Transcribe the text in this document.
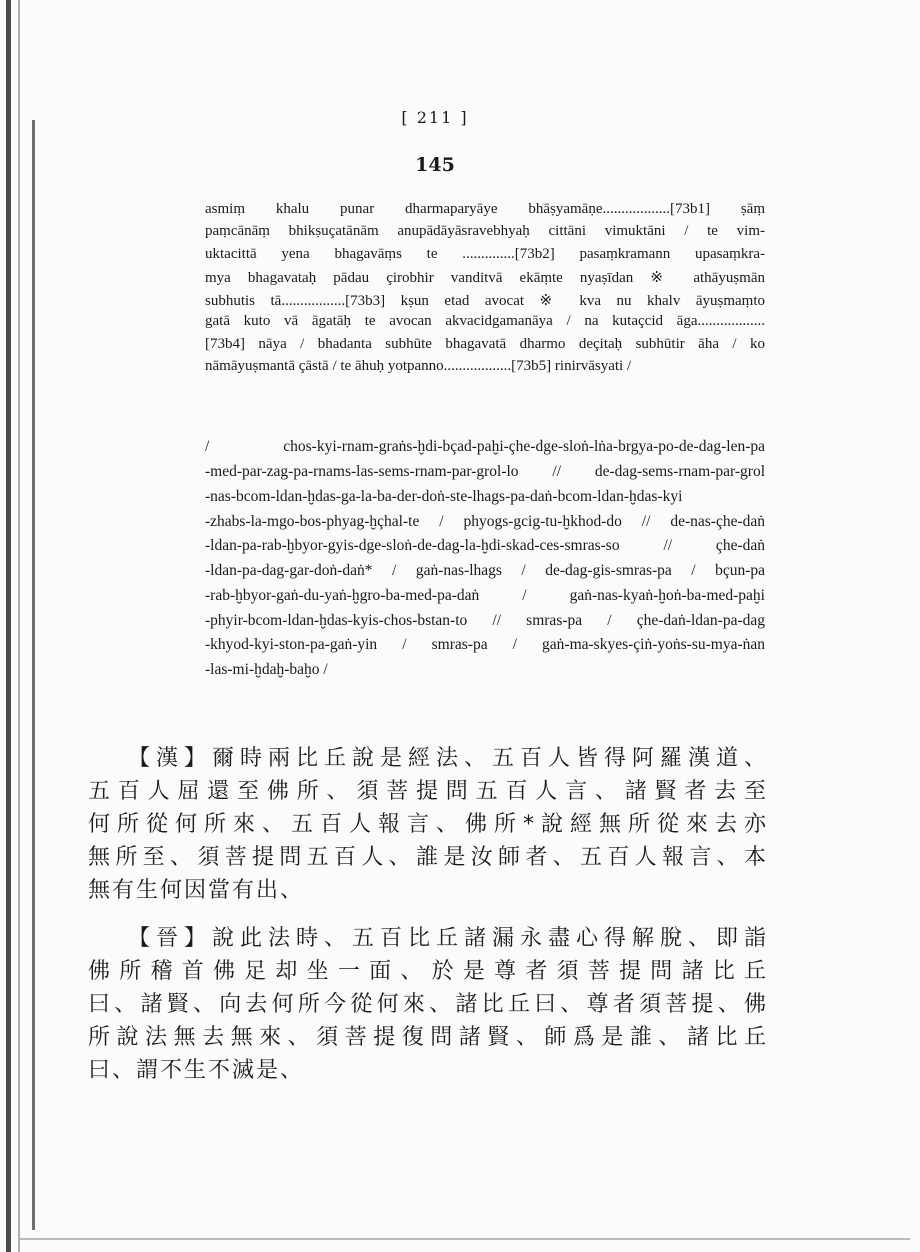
[ 211 ]
145
asmiṃ khalu punar dharmaparyāye bhāṣyamāṇe..................[73b1] ṣāṃ
paṃcānāṃ bhikṣuçatānām anupādāyāsravebhyaḥ cittāni vimuktāni / te vim-
uktacittā yena bhagavāṃs te ..............[73b2] pasaṃkramann upasaṃkra-
mya bhagavataḥ pādau çirobhir vanditvā ekāṃte nyaṣīdan ※ athāyuṣmān
subhutis tā.................[73b3] kṣun etad avocat ※ kva nu khalv āyuṣmaṃto
gatā kuto vā āgatāḥ te avocan akvacidgamanāya / na kutaçcid āga..................
[73b4] nāya / bhadanta subhūte bhagavatā dharmo deçitaḥ subhūtir āha / ko
nāmāyuṣmantā çāstā / te āhuḥ yotpanno..................[73b5] rinirvāsyati /
/ chos-kyi-rnam-graṅs-ḫdi-bçad-paḫi-çhe-dge-sloṅ-lṅa-brgya-po-de-dag-len-pa
-med-par-zag-pa-rnams-las-sems-rnam-par-grol-lo // de-dag-sems-rnam-par-grol
-nas-bcom-ldan-ḫdas-ga-la-ba-der-doṅ-ste-lhags-pa-daṅ-bcom-ldan-ḫdas-kyi
-zhabs-la-mgo-bos-phyag-ḫçhal-te / phyogs-gcig-tu-ḫkhod-do // de-nas-çhe-daṅ
-ldan-pa-rab-ḫbyor-gyis-dge-sloṅ-de-dag-la-ḫdi-skad-ces-smras-so // çhe-daṅ
-ldan-pa-dag-gar-doṅ-daṅ* / gaṅ-nas-lhags / de-dag-gis-smras-pa / bçun-pa
-rab-ḫbyor-gaṅ-du-yaṅ-ḫgro-ba-med-pa-daṅ / gaṅ-nas-kyaṅ-ḫoṅ-ba-med-paḫi
-phyir-bcom-ldan-ḫdas-kyis-chos-bstan-to // smras-pa / çhe-daṅ-ldan-pa-dag
-khyod-kyi-ston-pa-gaṅ-yin / smras-pa / gaṅ-ma-skyes-çiṅ-yoṅs-su-mya-ṅan
-las-mi-ḫdaḫ-baḫo /
【漢】爾時兩比丘說是經法、五百人皆得阿羅漢道、
五百人屈還至佛所、須菩提問五百人言、諸賢者去至
何所從何所來、五百人報言、佛所*說經無所從來去亦
無所至、須菩提問五百人、誰是汝師者、五百人報言、本
無有生何因當有出、
【晉】說此法時、五百比丘諸漏永盡心得解脫、即詣
佛所稽首佛足却坐一面、於是尊者須菩提問諸比丘
曰、諸賢、向去何所今從何來、諸比丘曰、尊者須菩提、佛
所說法無去無來、須菩提復問諸賢、師爲是誰、諸比丘
曰、謂不生不滅是、
